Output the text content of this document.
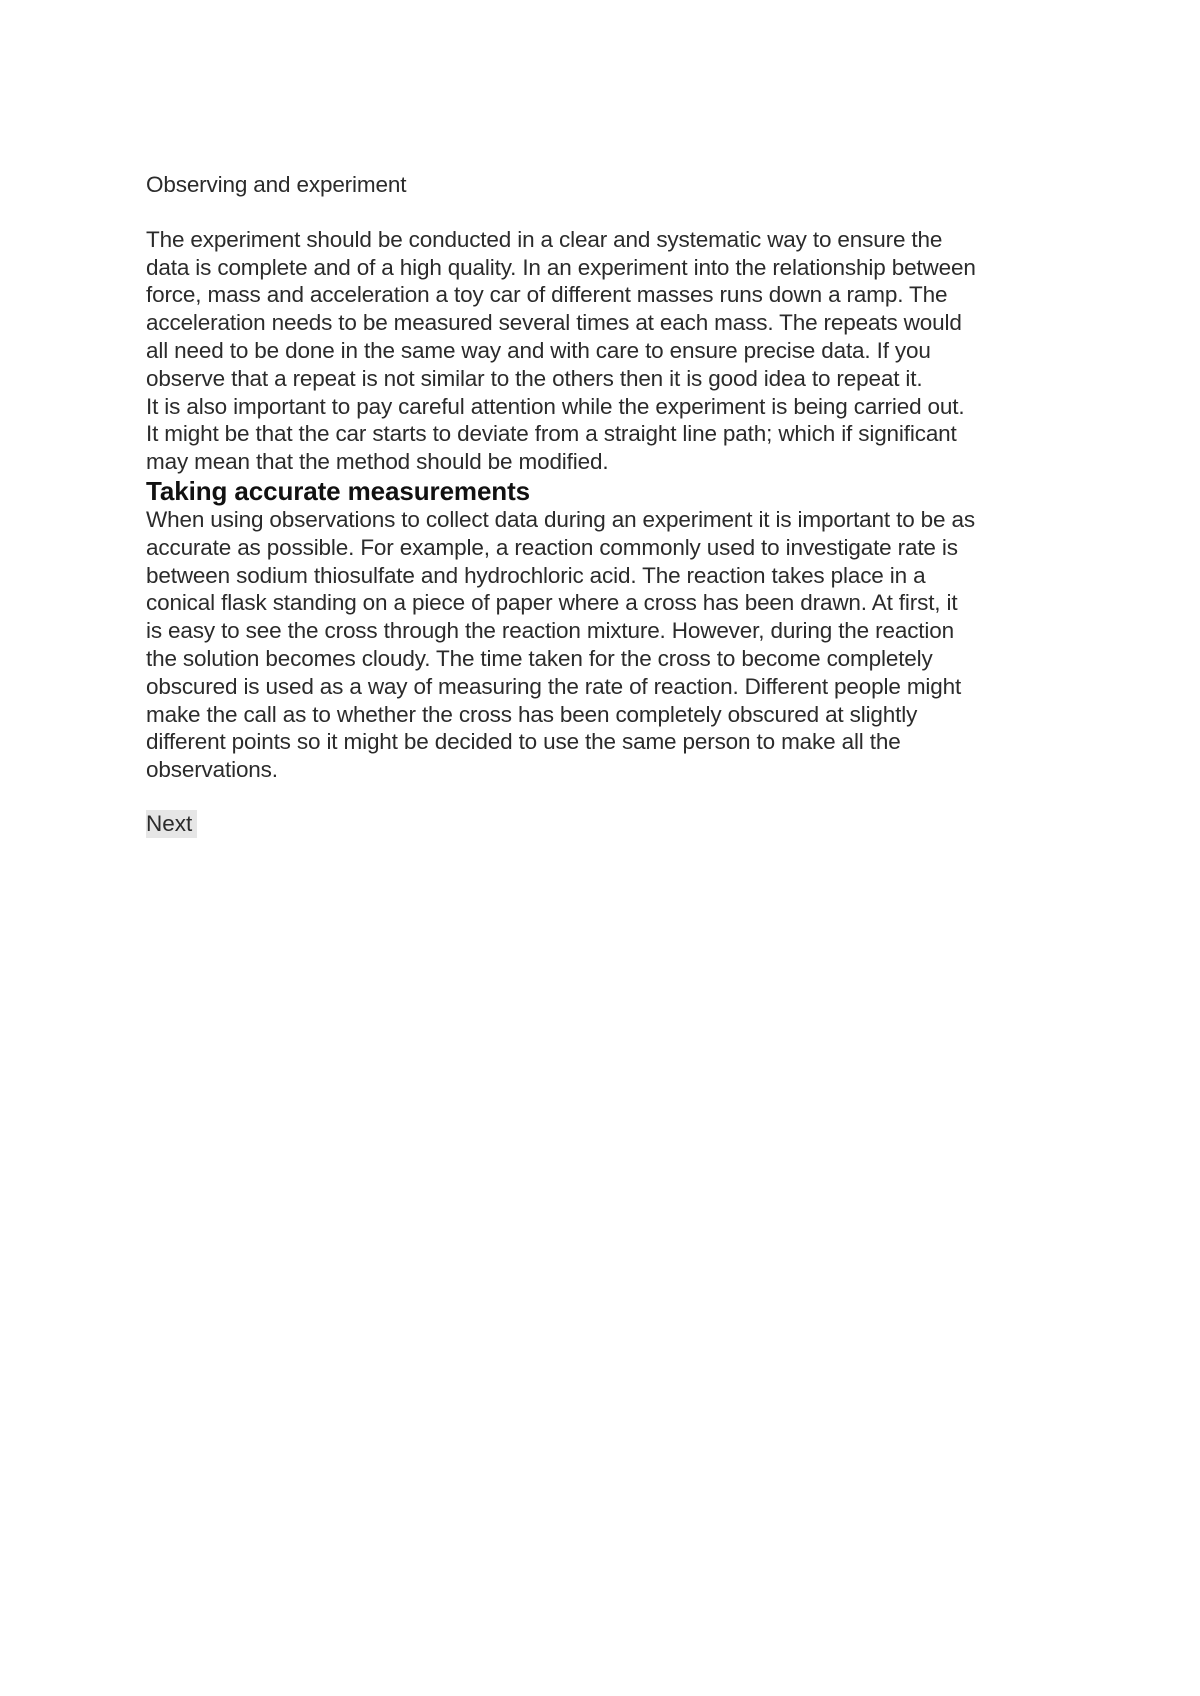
Observing and experiment
The experiment should be conducted in a clear and systematic way to ensure the
data is complete and of a high quality. In an experiment into the relationship between
force, mass and acceleration a toy car of different masses runs down a ramp. The
acceleration needs to be measured several times at each mass. The repeats would
all need to be done in the same way and with care to ensure precise data. If you
observe that a repeat is not similar to the others then it is good idea to repeat it.
It is also important to pay careful attention while the experiment is being carried out.
It might be that the car starts to deviate from a straight line path; which if significant
may mean that the method should be modified.
Taking accurate measurements
When using observations to collect data during an experiment it is important to be as
accurate as possible. For example, a reaction commonly used to investigate rate is
between sodium thiosulfate and hydrochloric acid. The reaction takes place in a
conical flask standing on a piece of paper where a cross has been drawn. At first, it
is easy to see the cross through the reaction mixture. However, during the reaction
the solution becomes cloudy. The time taken for the cross to become completely
obscured is used as a way of measuring the rate of reaction. Different people might
make the call as to whether the cross has been completely obscured at slightly
different points so it might be decided to use the same person to make all the
observations.
Next
